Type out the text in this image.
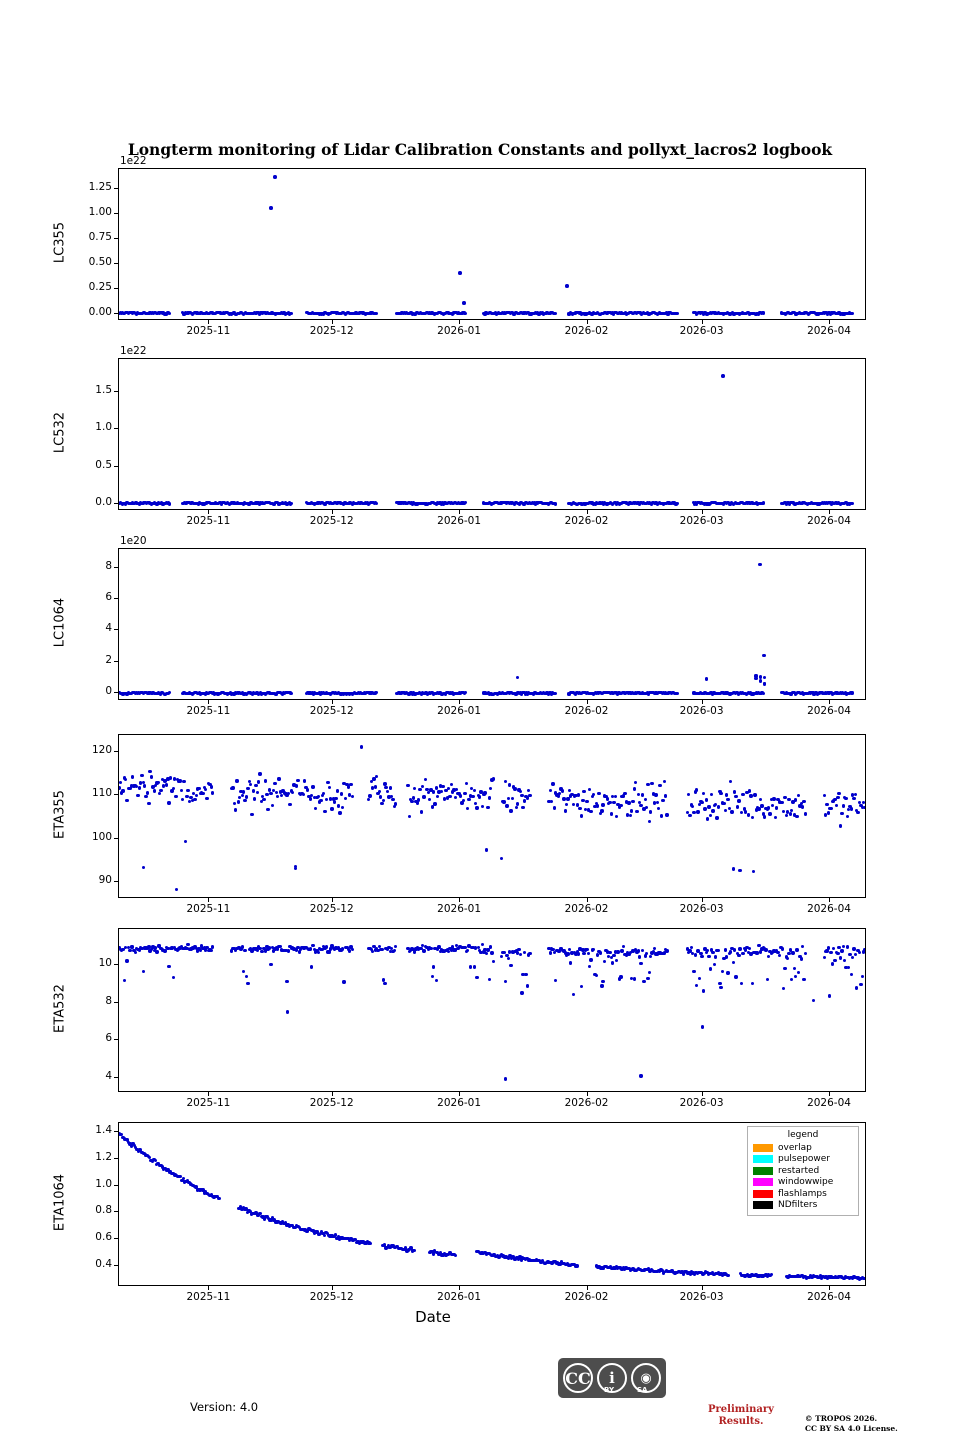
Longterm monitoring of Lidar Calibration Constants and pollyxt_lacros2 logbook
0.00
0.25
0.50
0.75
1.00
1.25
2025-11	2025-12	2026-01	2026-02	2026-03	2026-04
1e22
LC355
0.0
0.5
1.0
1.5
2025-11	2025-12	2026-01	2026-02	2026-03	2026-04
1e22
LC532
0
2
4
6
8
2025-11	2025-12	2026-01	2026-02	2026-03	2026-04
1e20
LC1064
90
100
110
120
2025-11	2025-12	2026-01	2026-02	2026-03	2026-04
ETA355
4
6
8
10
2025-11	2025-12	2026-01	2026-02	2026-03	2026-04
ETA532
0.4
0.6
0.8
1.0
1.2
1.4
2025-11	2025-12	2026-01	2026-02	2026-03	2026-04
ETA1064
Date
legend
overlap
pulsepower
restarted
windowwipe
flashlamps
NDfilters
CC	i
BY
◉
SA
Version: 4.0	Preliminary
Results.	© TROPOS 2026.
CC BY SA 4.0 License.
